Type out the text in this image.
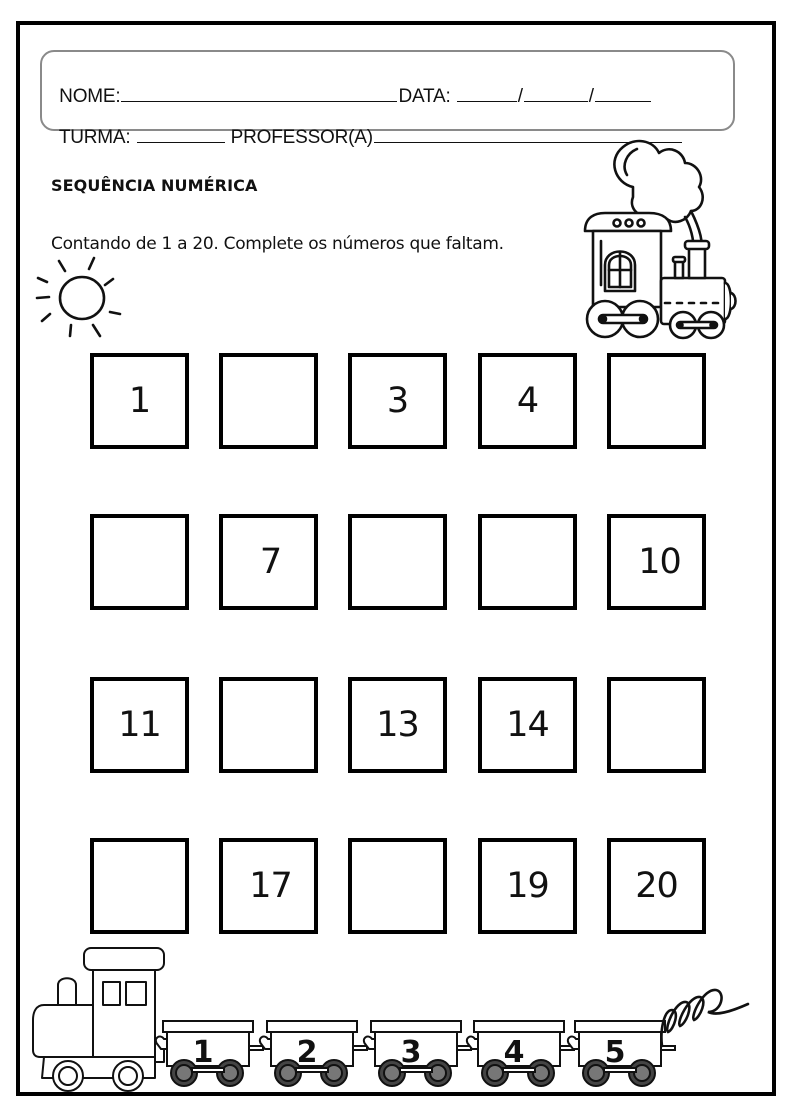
NOME:	DATA:	/	/

TURMA:	PROFESSOR(A)

SEQUÊNCIA NUMÉRICA
Contando de 1 a 20. Complete os números que faltam.
1	3	4
7	10
11	13	14
17	19	20
1	2	3	4	5
